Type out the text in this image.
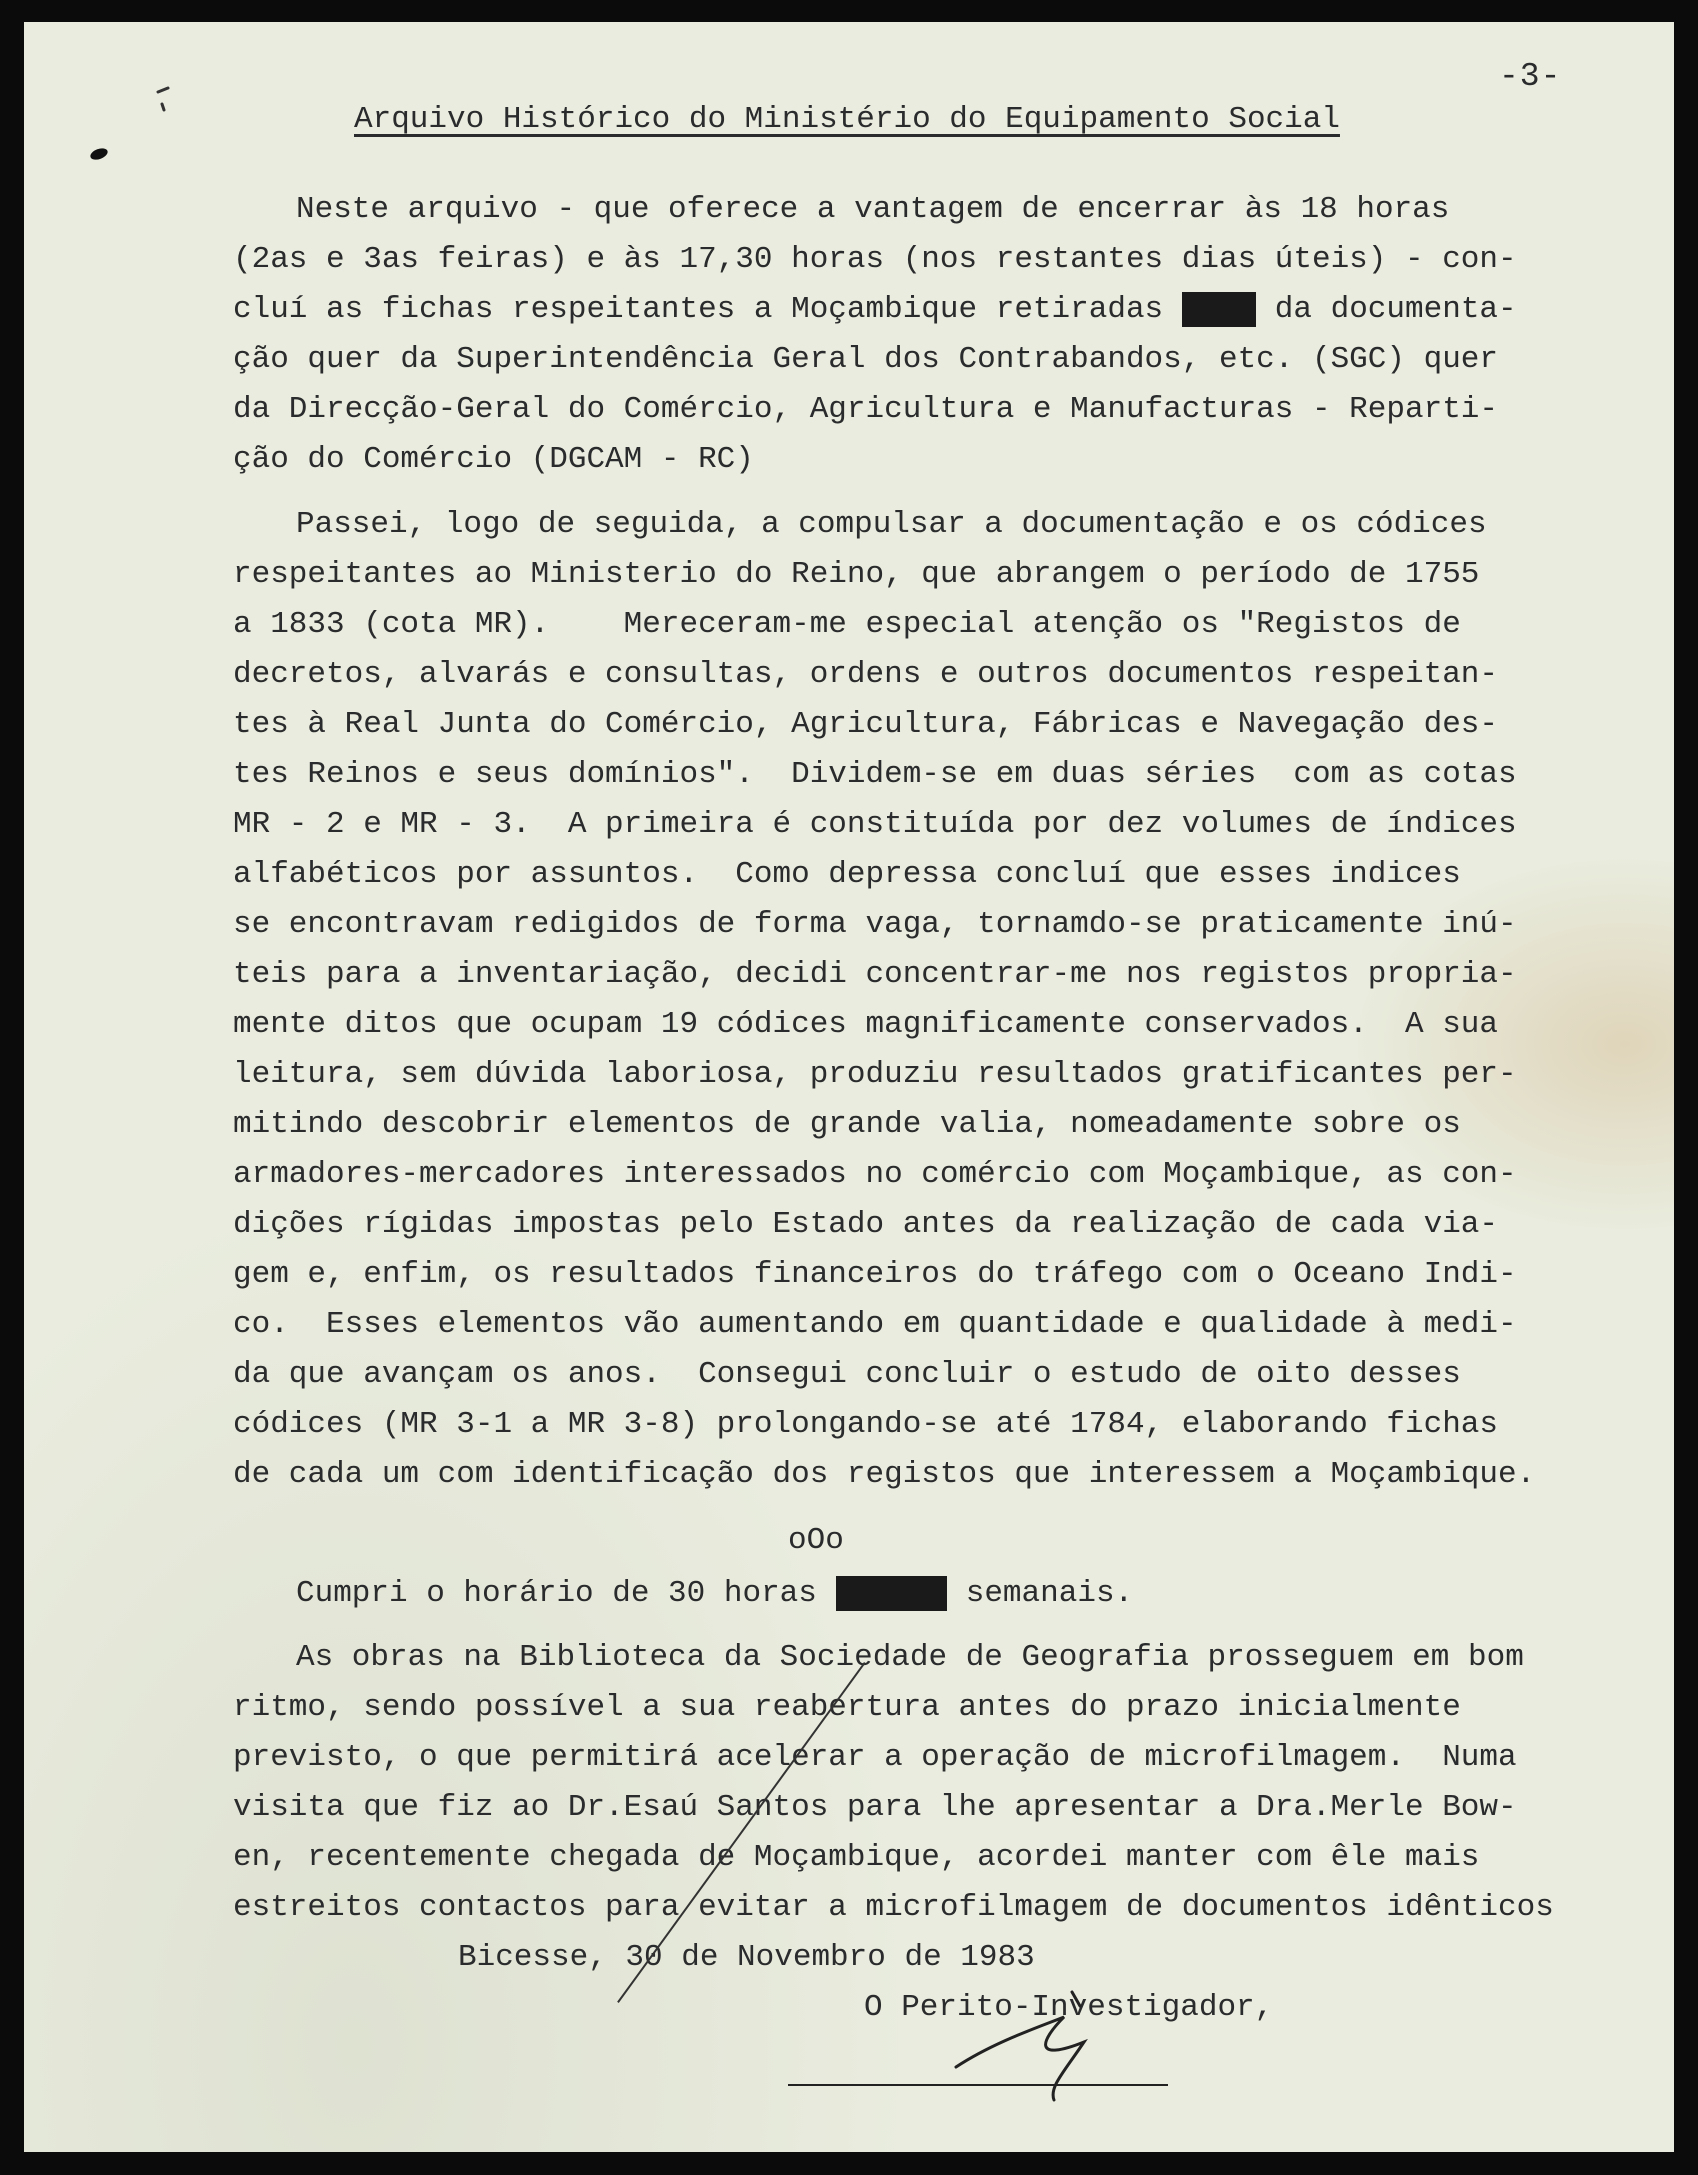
-3-
Arquivo Histórico do Ministério do Equipamento Social
Neste arquivo - que oferece a vantagem de encerrar às 18 horas
(2as e 3as feiras) e às 17,30 horas (nos restantes dias úteis) - con-
cluí as fichas respeitantes a Moçambique retiradas	da documenta-
ção quer da Superintendência Geral dos Contrabandos, etc. (SGC) quer
da Direcção-Geral do Comércio, Agricultura e Manufacturas - Reparti-
ção do Comércio (DGCAM - RC)
Passei, logo de seguida, a compulsar a documentação e os códices
respeitantes ao Ministerio do Reino, que abrangem o período de 1755
a 1833 (cota MR).    Mereceram-me especial atenção os "Registos de
decretos, alvarás e consultas, ordens e outros documentos respeitan-
tes à Real Junta do Comércio, Agricultura, Fábricas e Navegação des-
tes Reinos e seus domínios".  Dividem-se em duas séries  com as cotas
MR - 2 e MR - 3.  A primeira é constituída por dez volumes de índices
alfabéticos por assuntos.  Como depressa concluí que esses indices
se encontravam redigidos de forma vaga, tornamdo-se praticamente inú-
teis para a inventariação, decidi concentrar-me nos registos propria-
mente ditos que ocupam 19 códices magnificamente conservados.  A sua
leitura, sem dúvida laboriosa, produziu resultados gratificantes per-
mitindo descobrir elementos de grande valia, nomeadamente sobre os
armadores-mercadores interessados no comércio com Moçambique, as con-
dições rígidas impostas pelo Estado antes da realização de cada via-
gem e, enfim, os resultados financeiros do tráfego com o Oceano Indi-
co.  Esses elementos vão aumentando em quantidade e qualidade à medi-
da que avançam os anos.  Consegui concluir o estudo de oito desses
códices (MR 3-1 a MR 3-8) prolongando-se até 1784, elaborando fichas
de cada um com identificação dos registos que interessem a Moçambique.
oOo
Cumpri o horário de 30 horas	semanais.
As obras na Biblioteca da Sociedade de Geografia prosseguem em bom
ritmo, sendo possível a sua reabertura antes do prazo inicialmente
previsto, o que permitirá acelerar a operação de microfilmagem.  Numa
visita que fiz ao Dr.Esaú Santos para lhe apresentar a Dra.Merle Bow-
en, recentemente chegada de Moçambique, acordei manter com êle mais
estreitos contactos para evitar a microfilmagem de documentos idênticos
Bicesse, 30 de Novembro de 1983
O Perito-Investigador,
